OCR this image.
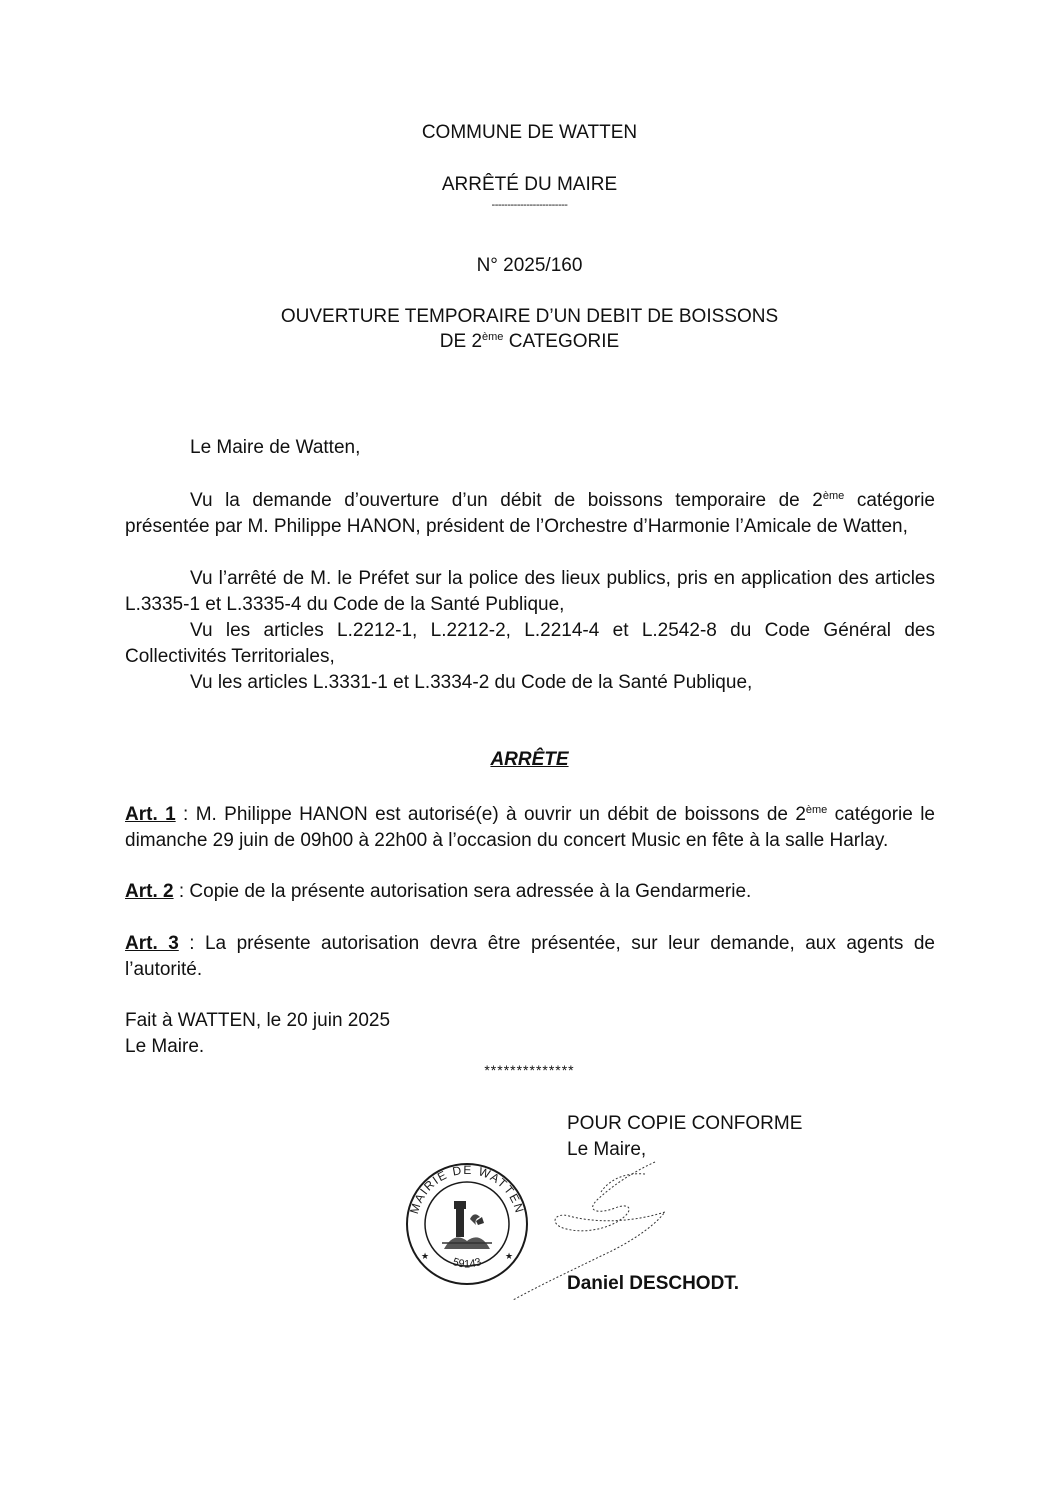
COMMUNE DE WATTEN
ARRÊTÉ DU MAIRE
------------------------
N° 2025/160
OUVERTURE TEMPORAIRE D’UN DEBIT DE BOISSONS
DE 2ème CATEGORIE
Le Maire de Watten,
Vu la demande d’ouverture d’un débit de boissons temporaire de 2ème catégorie présentée par M. Philippe HANON, président de l’Orchestre d’Harmonie l’Amicale de Watten,
Vu l’arrêté de M. le Préfet sur la police des lieux publics, pris en application des articles L.3335-1 et L.3335-4 du Code de la Santé Publique,
Vu les articles L.2212-1, L.2212-2, L.2214-4 et L.2542-8 du Code Général des Collectivités Territoriales,
Vu les articles L.3331-1 et L.3334-2 du Code de la Santé Publique,
ARRÊTE
Art. 1 : M. Philippe HANON est autorisé(e) à ouvrir un débit de boissons de 2ème catégorie le dimanche 29 juin de 09h00 à 22h00 à l’occasion du concert Music en fête à la salle Harlay.
Art. 2 : Copie de la présente autorisation sera adressée à la Gendarmerie.
Art. 3 : La présente autorisation devra être présentée, sur leur demande, aux agents de l’autorité.
Fait à WATTEN, le 20 juin 2025
Le Maire.
**************
POUR COPIE CONFORME
Le Maire,
MAIRIE DE WATTEN
59143
★	★
Daniel DESCHODT.
